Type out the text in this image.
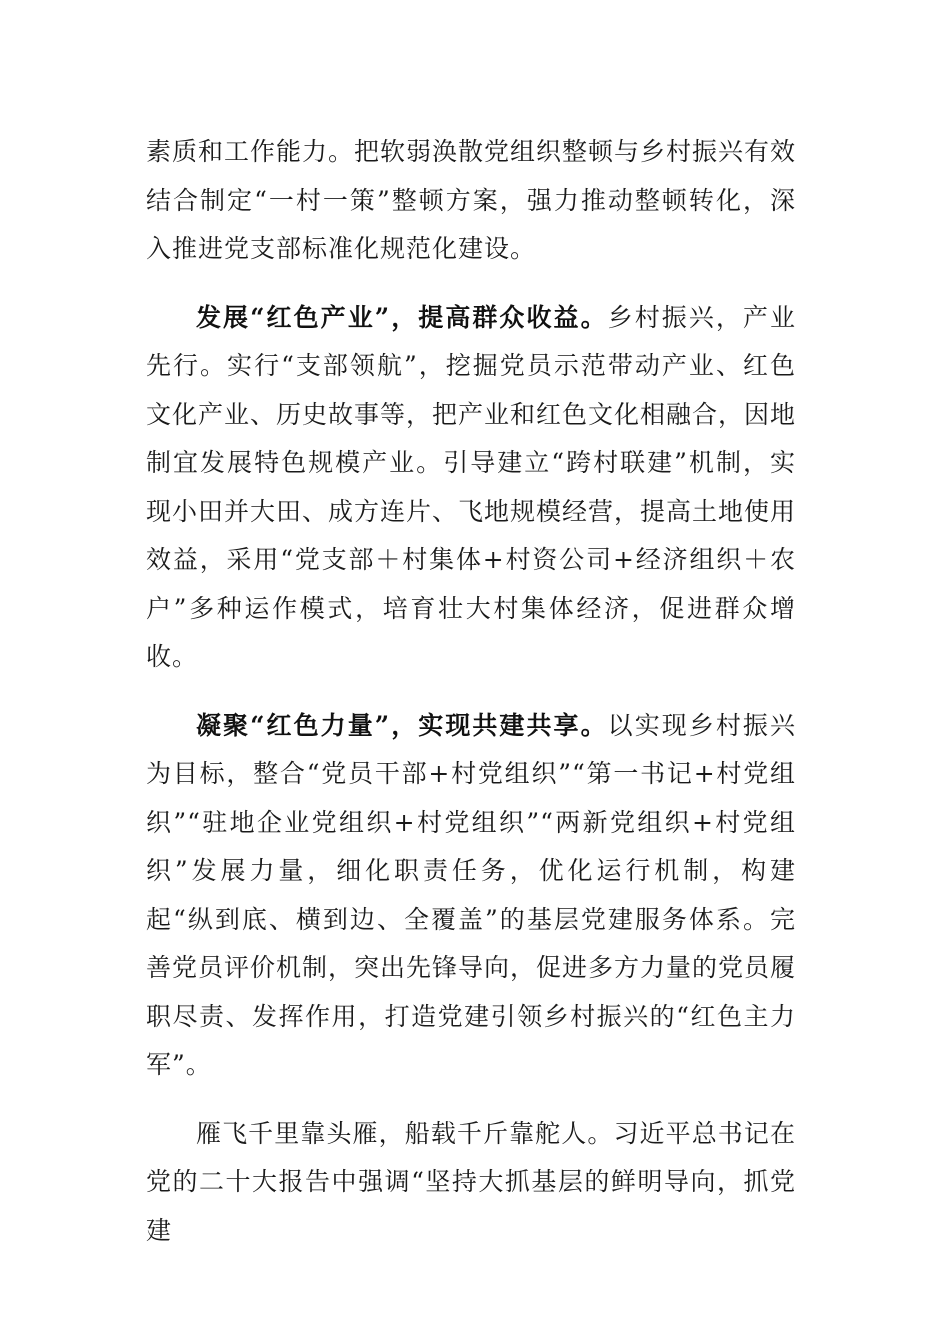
素质和工作能力。把软弱涣散党组织整顿与乡村振兴有效结合制定“一村一策”整顿方案，强力推动整顿转化，深入推进党支部标准化规范化建设。

发展“红色产业”，提高群众收益。乡村振兴，产业先行。实行“支部领航”，挖掘党员示范带动产业、红色文化产业、历史故事等，把产业和红色文化相融合，因地制宜发展特色规模产业。引导建立“跨村联建”机制，实现小田并大田、成方连片、飞地规模经营，提高土地使用效益，采用“党支部＋村集体+村资公司+经济组织＋农户”多种运作模式，培育壮大村集体经济，促进群众增收。

凝聚“红色力量”，实现共建共享。以实现乡村振兴为目标，整合“党员干部+村党组织”“第一书记+村党组织”“驻地企业党组织+村党组织”“两新党组织+村党组织”发展力量，细化职责任务，优化运行机制，构建起“纵到底、横到边、全覆盖”的基层党建服务体系。完善党员评价机制，突出先锋导向，促进多方力量的党员履职尽责、发挥作用，打造党建引领乡村振兴的“红色主力军”。

雁飞千里靠头雁，船载千斤靠舵人。习近平总书记在党的二十大报告中强调“坚持大抓基层的鲜明导向，抓党建
